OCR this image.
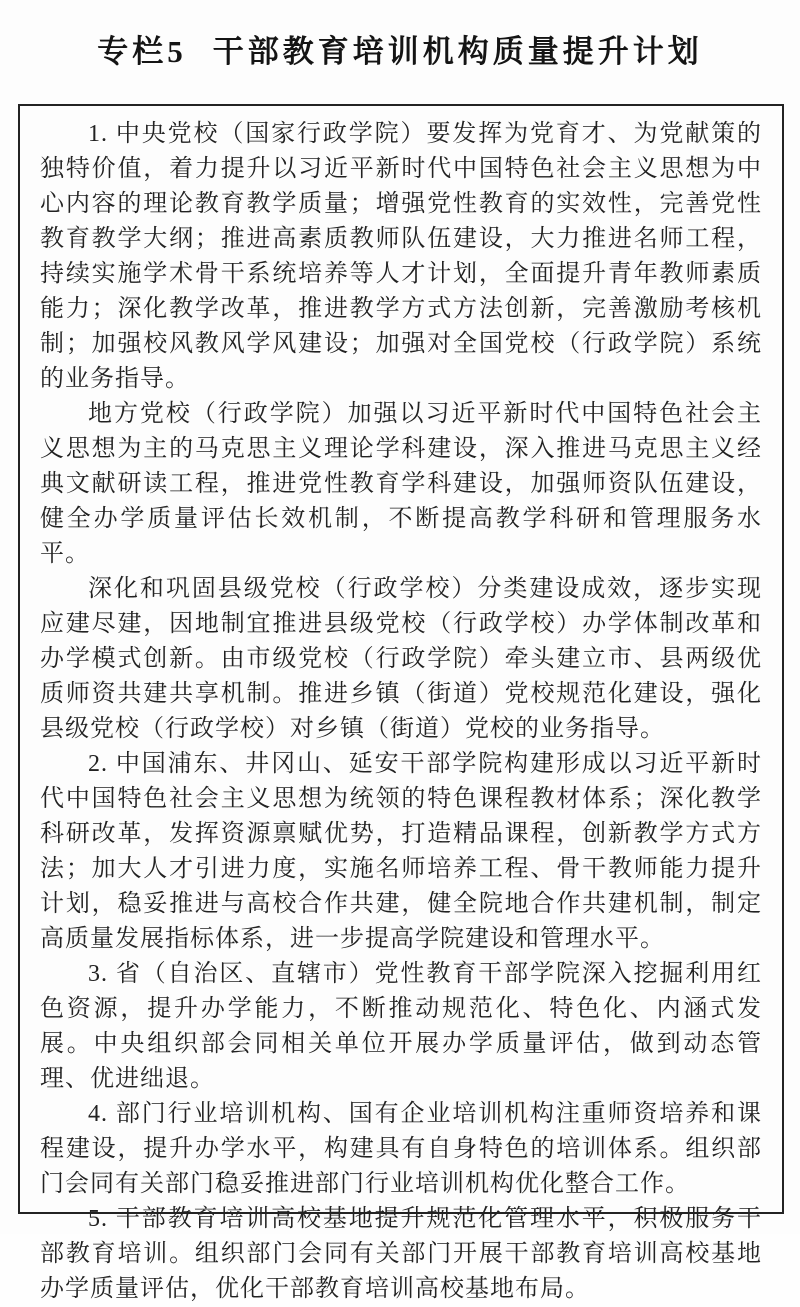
专栏5 干部教育培训机构质量提升计划

1. 中央党校（国家行政学院）要发挥为党育才、为党献策的独特价值，着力提升以习近平新时代中国特色社会主义思想为中心内容的理论教育教学质量；增强党性教育的实效性，完善党性教育教学大纲；推进高素质教师队伍建设，大力推进名师工程，持续实施学术骨干系统培养等人才计划，全面提升青年教师素质能力；深化教学改革，推进教学方式方法创新，完善激励考核机制；加强校风教风学风建设；加强对全国党校（行政学院）系统的业务指导。

地方党校（行政学院）加强以习近平新时代中国特色社会主义思想为主的马克思主义理论学科建设，深入推进马克思主义经典文献研读工程，推进党性教育学科建设，加强师资队伍建设，健全办学质量评估长效机制，不断提高教学科研和管理服务水平。

深化和巩固县级党校（行政学校）分类建设成效，逐步实现应建尽建，因地制宜推进县级党校（行政学校）办学体制改革和办学模式创新。由市级党校（行政学院）牵头建立市、县两级优质师资共建共享机制。推进乡镇（街道）党校规范化建设，强化县级党校（行政学校）对乡镇（街道）党校的业务指导。

2. 中国浦东、井冈山、延安干部学院构建形成以习近平新时代中国特色社会主义思想为统领的特色课程教材体系；深化教学科研改革，发挥资源禀赋优势，打造精品课程，创新教学方式方法；加大人才引进力度，实施名师培养工程、骨干教师能力提升计划，稳妥推进与高校合作共建，健全院地合作共建机制，制定高质量发展指标体系，进一步提高学院建设和管理水平。

3. 省（自治区、直辖市）党性教育干部学院深入挖掘利用红色资源，提升办学能力，不断推动规范化、特色化、内涵式发展。中央组织部会同相关单位开展办学质量评估，做到动态管理、优进绌退。

4. 部门行业培训机构、国有企业培训机构注重师资培养和课程建设，提升办学水平，构建具有自身特色的培训体系。组织部门会同有关部门稳妥推进部门行业培训机构优化整合工作。

5. 干部教育培训高校基地提升规范化管理水平，积极服务干部教育培训。组织部门会同有关部门开展干部教育培训高校基地办学质量评估，优化干部教育培训高校基地布局。
